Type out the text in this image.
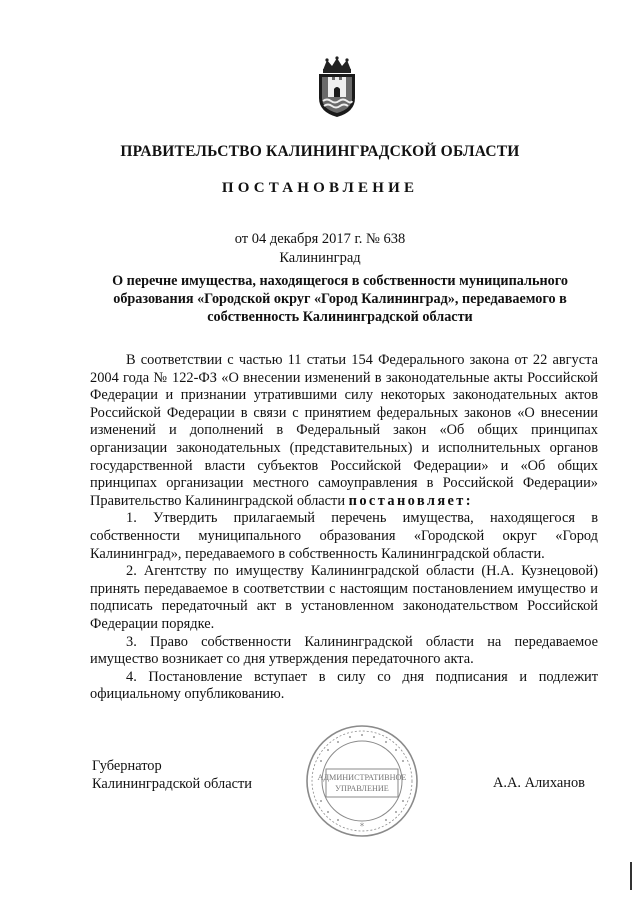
ПРАВИТЕЛЬСТВО КАЛИНИНГРАДСКОЙ ОБЛАСТИ
ПОСТАНОВЛЕНИЕ
от 04 декабря 2017 г. № 638
Калининград
О перечне имущества, находящегося в собственности муниципального образования «Городской округ «Город Калининград», передаваемого в собственность Калининградской области

В соответствии с частью 11 статьи 154 Федерального закона от 22 августа 2004 года № 122-ФЗ «О внесении изменений в законодательные акты Российской Федерации и признании утратившими силу некоторых законодательных актов Российской Федерации в связи с принятием федеральных законов «О внесении изменений и дополнений в Федеральный закон «Об общих принципах организации законодательных (представительных) и исполнительных органов государственной власти субъектов Российской Федерации» и «Об общих принципах организации местного самоуправления в Российской Федерации» Правительство Калининградской области постановляет:

1. Утвердить прилагаемый перечень имущества, находящегося в собственности муниципального образования «Городской округ «Город Калининград», передаваемого в собственность Калининградской области.

2. Агентству по имуществу Калининградской области (Н.А. Кузнецовой) принять передаваемое в соответствии с настоящим постановлением имущество и подписать передаточный акт в установленном законодательством Российской Федерации порядке.

3. Право собственности Калининградской области на передаваемое имущество возникает со дня утверждения передаточного акта.

4. Постановление вступает в силу со дня подписания и подлежит официальному опубликованию.

АДМИНИСТРАТИВНОЕ
УПРАВЛЕНИЕ
*
Губернатор
Калининградской области	А.А. Алиханов
